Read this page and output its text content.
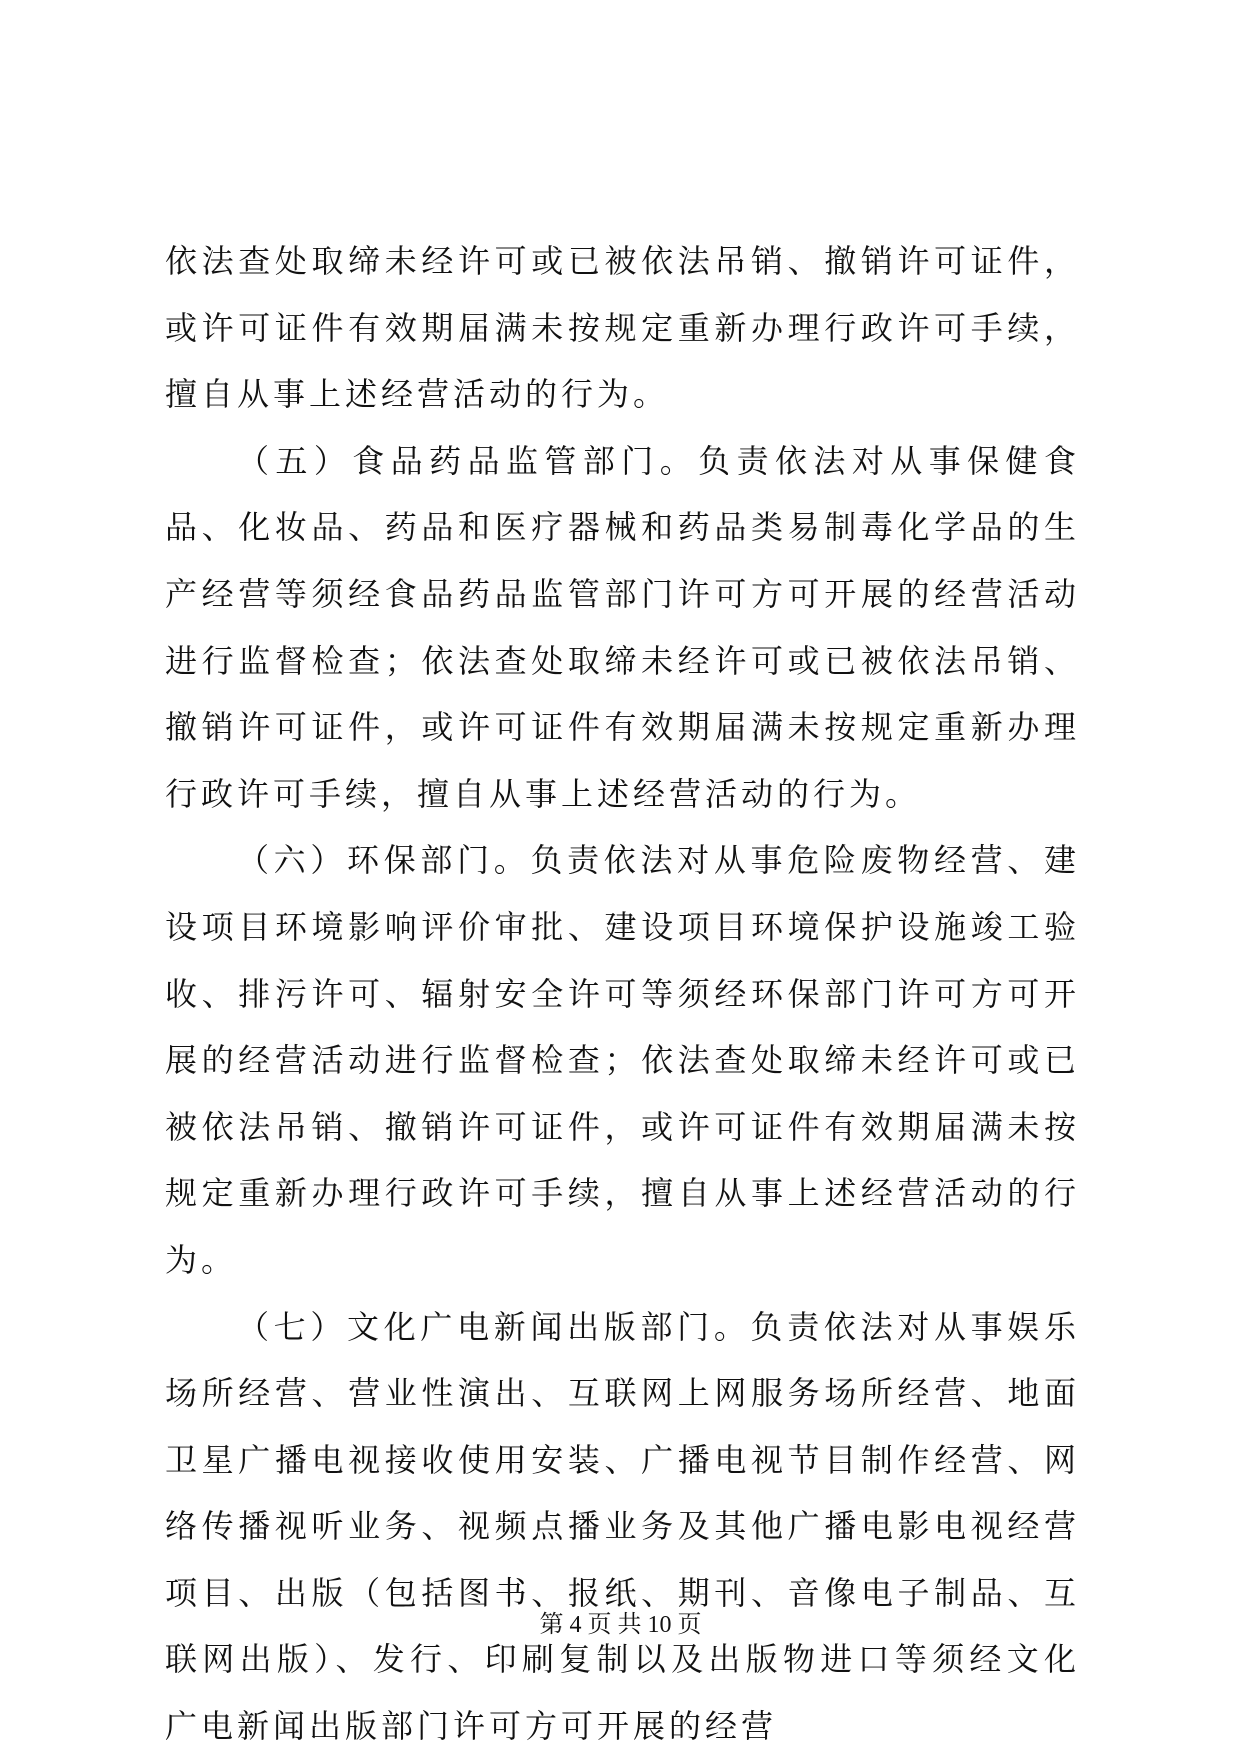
依法查处取缔未经许可或已被依法吊销、撤销许可证件，或许可证件有效期届满未按规定重新办理行政许可手续，擅自从事上述经营活动的行为。

（五）食品药品监管部门。负责依法对从事保健食品、化妆品、药品和医疗器械和药品类易制毒化学品的生产经营等须经食品药品监管部门许可方可开展的经营活动进行监督检查；依法查处取缔未经许可或已被依法吊销、撤销许可证件，或许可证件有效期届满未按规定重新办理行政许可手续，擅自从事上述经营活动的行为。

（六）环保部门。负责依法对从事危险废物经营、建设项目环境影响评价审批、建设项目环境保护设施竣工验收、排污许可、辐射安全许可等须经环保部门许可方可开展的经营活动进行监督检查；依法查处取缔未经许可或已被依法吊销、撤销许可证件，或许可证件有效期届满未按规定重新办理行政许可手续，擅自从事上述经营活动的行为。

（七）文化广电新闻出版部门。负责依法对从事娱乐场所经营、营业性演出、互联网上网服务场所经营、地面卫星广播电视接收使用安装、广播电视节目制作经营、网络传播视听业务、视频点播业务及其他广播电影电视经营项目、出版（包括图书、报纸、期刊、音像电子制品、互联网出版）、发行、印刷复制以及出版物进口等须经文化广电新闻出版部门许可方可开展的经营

第 4 页 共 10 页
